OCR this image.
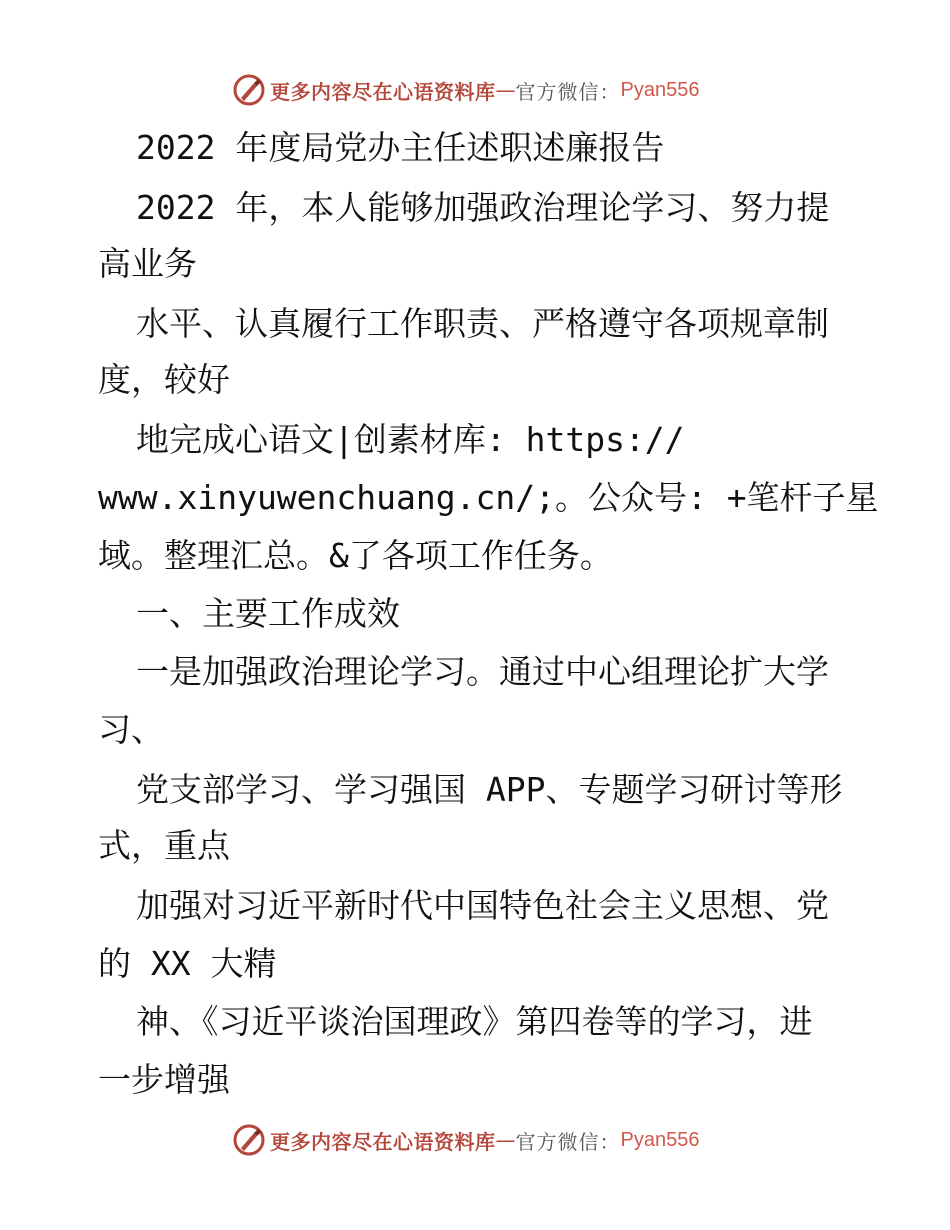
更多内容尽在心语资料库 — 官方微信： Pyan556
2022 年度局党办主任述职述廉报告
2022 年，本人能够加强政治理论学习、努力提
高业务
水平、认真履行工作职责、严格遵守各项规章制
度，较好
地完成心语文|创素材库: https://
www.xinyuwenchuang.cn/;。公众号: +笔杆子星
域。整理汇总。&了各项工作任务。
一、主要工作成效
一是加强政治理论学习。通过中心组理论扩大学
习、
党支部学习、学习强国 APP、专题学习研讨等形
式，重点
加强对习近平新时代中国特色社会主义思想、党
的 XX 大精
神、《习近平谈治国理政》第四卷等的学习，进
一步增强
更多内容尽在心语资料库 — 官方微信： Pyan556
